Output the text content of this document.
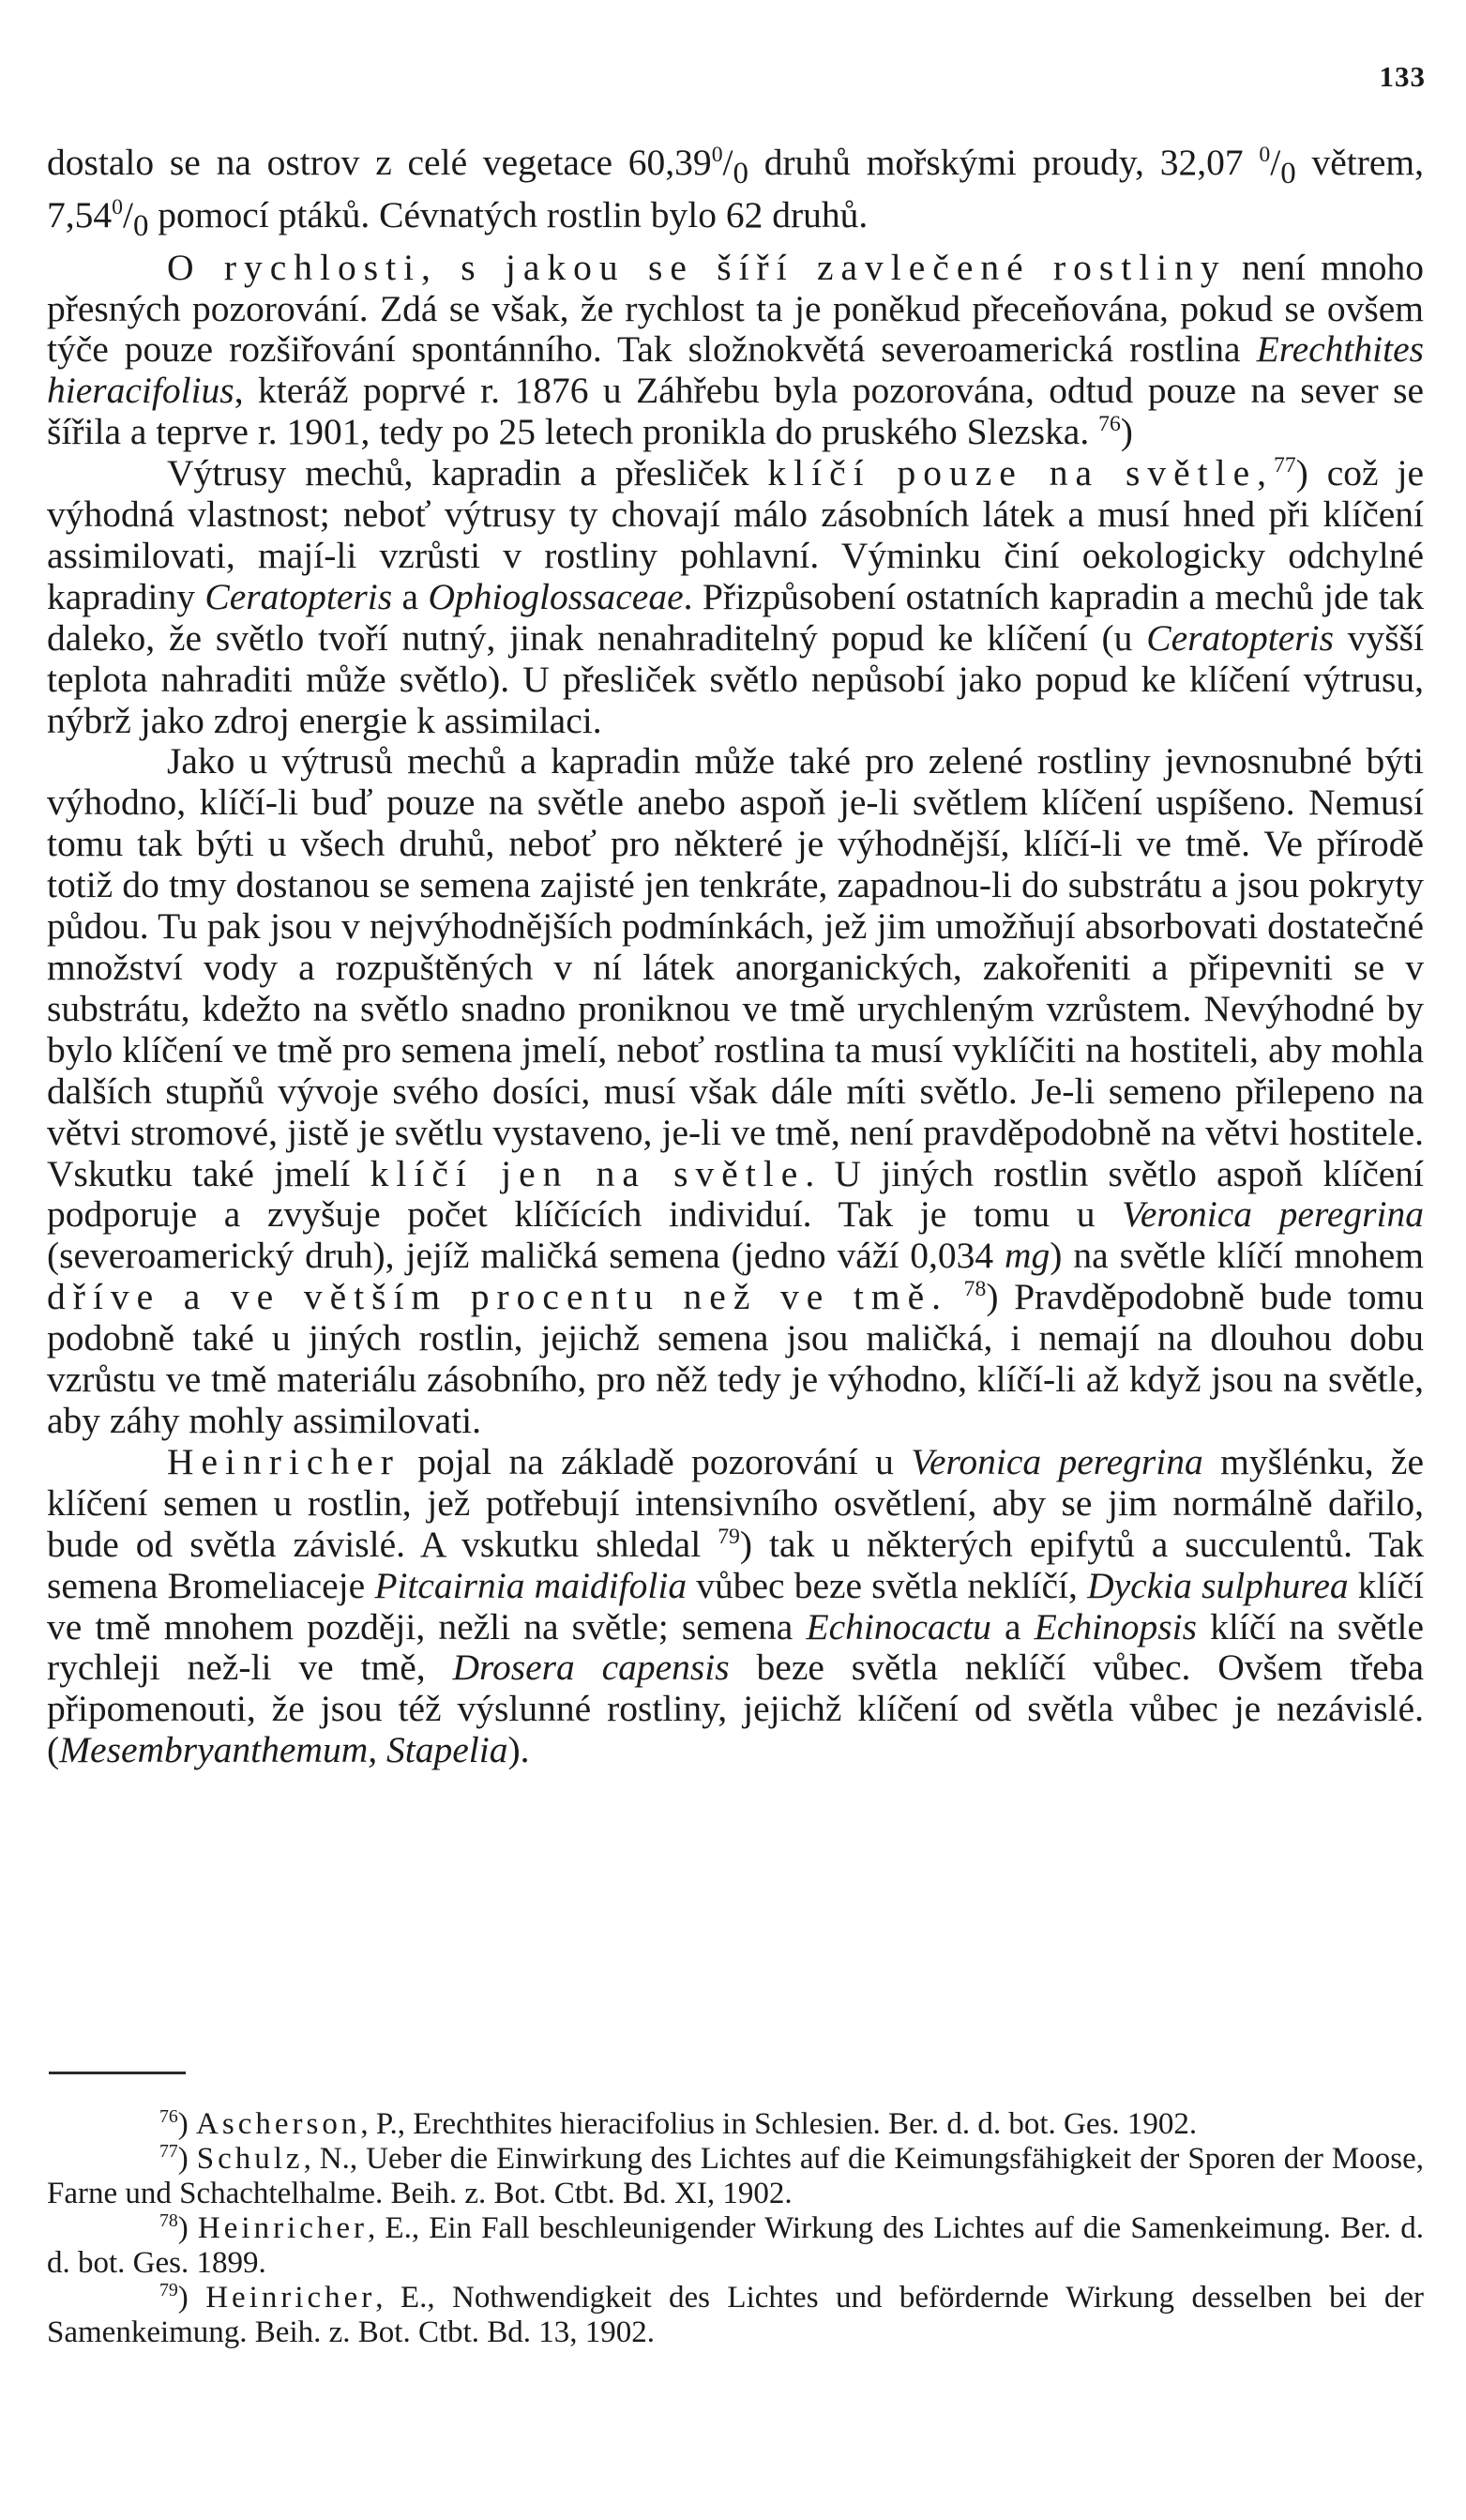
133

dostalo se na ostrov z celé vegetace $60,39^0/_0$ druhů mořskými proudy, 32,07 $^0/_0$ větrem, $7,54^0/_0$ pomocí ptáků. Cévnatých rostlin bylo 62 druhů.

O rychlosti, s jakou se šíří zavlečené rostliny není mnoho přesných pozorování. Zdá se však, že rychlost ta je poněkud přeceňována, pokud se ovšem týče pouze rozšiřování spontánního. Tak složnokvětá severoamerická rostlina Erechthites hieracifolius, kteráž poprvé r. 1876 u Záhřebu byla pozorována, odtud pouze na sever se šířila a teprve r. 1901, tedy po 25 letech pronikla do pruského Slezska. $^{76}$)

Výtrusy mechů, kapradin a přesliček klíčí pouze na světle,$^{77}$) což je výhodná vlastnost; neboť výtrusy ty chovají málo zásobních látek a musí hned při klíčení assimilovati, mají-li vzrůsti v rostliny pohlavní. Výminku činí oekologicky odchylné kapradiny Ceratopteris a Ophioglossaceae. Přizpůsobení ostatních kapradin a mechů jde tak daleko, že světlo tvoří nutný, jinak nenahraditelný popud ke klíčení (u Ceratopteris vyšší teplota nahraditi může světlo). U přesliček světlo nepůsobí jako popud ke klíčení výtrusu, nýbrž jako zdroj energie k assimilaci.

Jako u výtrusů mechů a kapradin může také pro zelené rostliny jevnosnubné býti výhodno, klíčí-li buď pouze na světle anebo aspoň je-li světlem klíčení uspíšeno. Nemusí tomu tak býti u všech druhů, neboť pro některé je výhodnější, klíčí-li ve tmě. Ve přírodě totiž do tmy dostanou se semena zajisté jen tenkráte, zapadnou-li do substrátu a jsou pokryty půdou. Tu pak jsou v nejvýhodnějších podmínkách, jež jim umožňují absorbovati dostatečné množství vody a rozpuštěných v ní látek anorganických, zakořeniti a připevniti se v substrátu, kdežto na světlo snadno proniknou ve tmě urychleným vzrůstem. Nevýhodné by bylo klíčení ve tmě pro semena jmelí, neboť rostlina ta musí vyklíčiti na hostiteli, aby mohla dalších stupňů vývoje svého dosíci, musí však dále míti světlo. Je-li semeno přilepeno na větvi stromové, jistě je světlu vystaveno, je-li ve tmě, není pravděpodobně na větvi hostitele. Vskutku také jmelí klíčí jen na světle. U jiných rostlin světlo aspoň klíčení podporuje a zvyšuje počet klíčících individuí. Tak je tomu u Veronica peregrina (severoamerický druh), jejíž maličká semena (jedno váží 0,034 mg) na světle klíčí mnohem dříve a ve větším procentu než ve tmě. $^{78}$) Pravděpodobně bude tomu podobně také u jiných rostlin, jejichž semena jsou maličká, i nemají na dlouhou dobu vzrůstu ve tmě materiálu zásobního, pro něž tedy je výhodno, klíčí-li až když jsou na světle, aby záhy mohly assimilovati.

Heinricher pojal na základě pozorování u Veronica peregrina myšlénku, že klíčení semen u rostlin, jež potřebují intensivního osvětlení, aby se jim normálně dařilo, bude od světla závislé. A vskutku shledal $^{79}$) tak u některých epifytů a succulentů. Tak semena Bromeliaceje Pitcairnia maidifolia vůbec beze světla neklíčí, Dyckia sulphurea klíčí ve tmě mnohem později, nežli na světle; semena Echinocactu a Echinopsis klíčí na světle rychleji než-li ve tmě, Drosera capensis beze světla neklíčí vůbec. Ovšem třeba připomenouti, že jsou též výslunné rostliny, jejichž klíčení od světla vůbec je nezávislé. (Mesembryanthemum, Stapelia).

$^{76}$) Ascherson, P., Erechthites hieracifolius in Schlesien. Ber. d. d. bot. Ges. 1902.

$^{77}$) Schulz, N., Ueber die Einwirkung des Lichtes auf die Keimungsfähigkeit der Sporen der Moose, Farne und Schachtelhalme. Beih. z. Bot. Ctbt. Bd. XI, 1902.

$^{78}$) Heinricher, E., Ein Fall beschleunigender Wirkung des Lichtes auf die Samenkeimung. Ber. d. d. bot. Ges. 1899.

$^{79}$) Heinricher, E., Nothwendigkeit des Lichtes und befördernde Wirkung desselben bei der Samenkeimung. Beih. z. Bot. Ctbt. Bd. 13, 1902.
